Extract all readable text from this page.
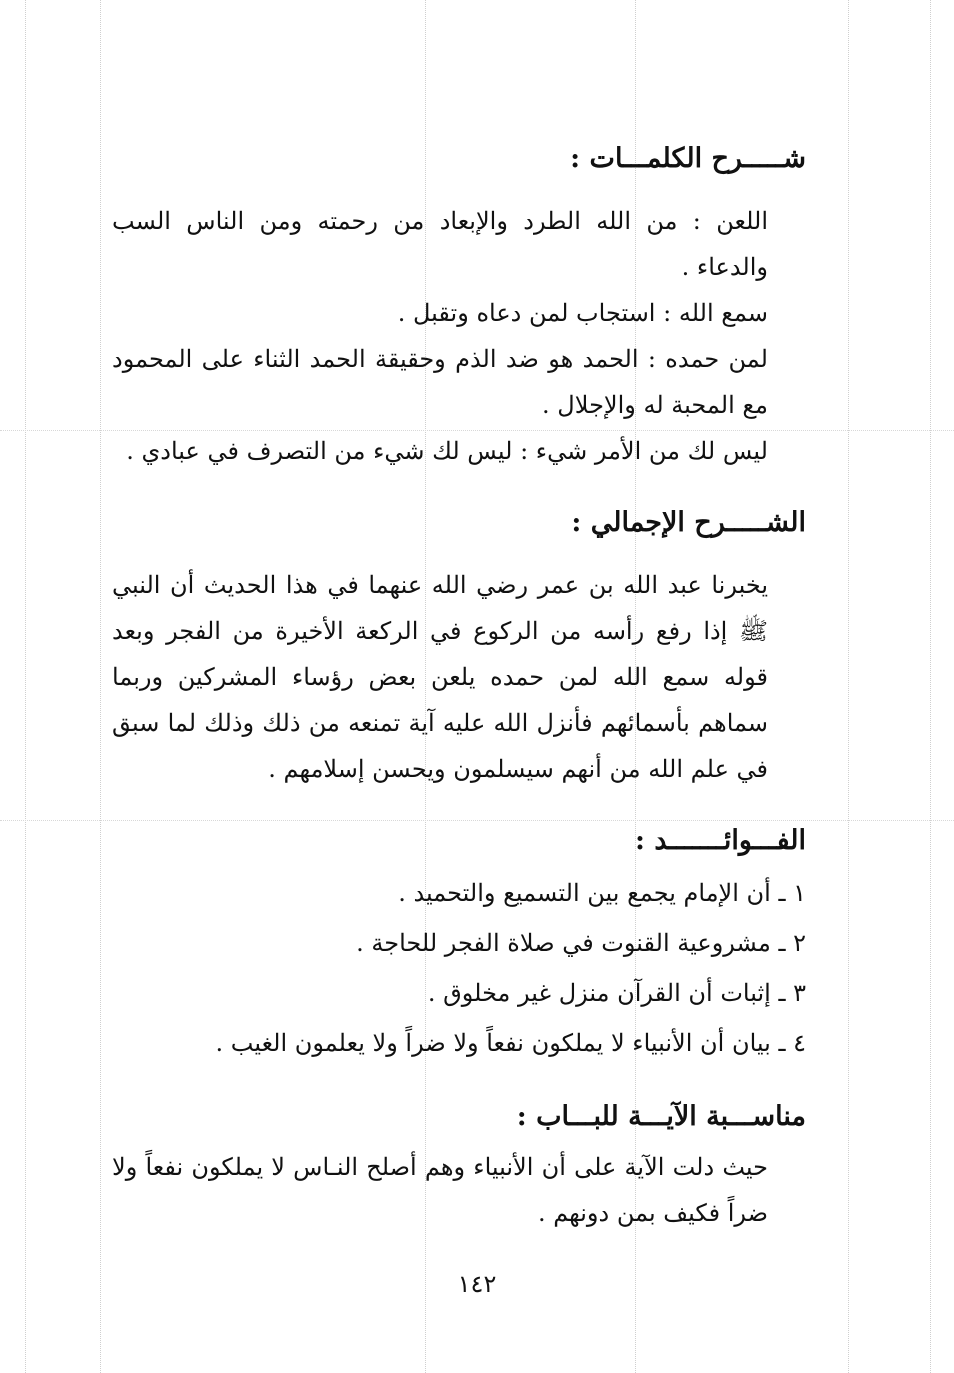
شـــــرح الكلمـــات :

اللعن : من الله الطرد والإبعاد من رحمته ومن الناس السب والدعاء .

سمع الله : استجاب لمن دعاه وتقبل .

لمن حمده : الحمد هو ضد الذم وحقيقة الحمد الثناء على المحمود مع المحبة له والإجلال .

ليس لك من الأمر شيء : ليس لك شيء من التصرف في عبادي .

الشـــــرح الإجمالي :

يخبرنا عبد الله بن عمر رضي الله عنهما في هذا الحديث أن النبي ﷺ إذا رفع رأسه من الركوع في الركعة الأخيرة من الفجر وبعد قوله سمع الله لمن حمده يلعن بعض رؤساء المشركين وربما سماهم بأسمائهم فأنزل الله عليه آية تمنعه من ذلك وذلك لما سبق في علم الله من أنهم سيسلمون ويحسن إسلامهم .

الفـــوائـــــــد :

١ ـ أن الإمام يجمع بين التسميع والتحميد .

٢ ـ مشروعية القنوت في صلاة الفجر للحاجة .

٣ ـ إثبات أن القرآن منزل غير مخلوق .

٤ ـ بيان أن الأنبياء لا يملكون نفعاً ولا ضراً ولا يعلمون الغيب .

مناســـبة الآيـــة للبـــاب :

حيث دلت الآية على أن الأنبياء وهم أصلح النـاس لا يملكون نفعاً ولا ضراً فكيف بمن دونهم .

١٤٢
